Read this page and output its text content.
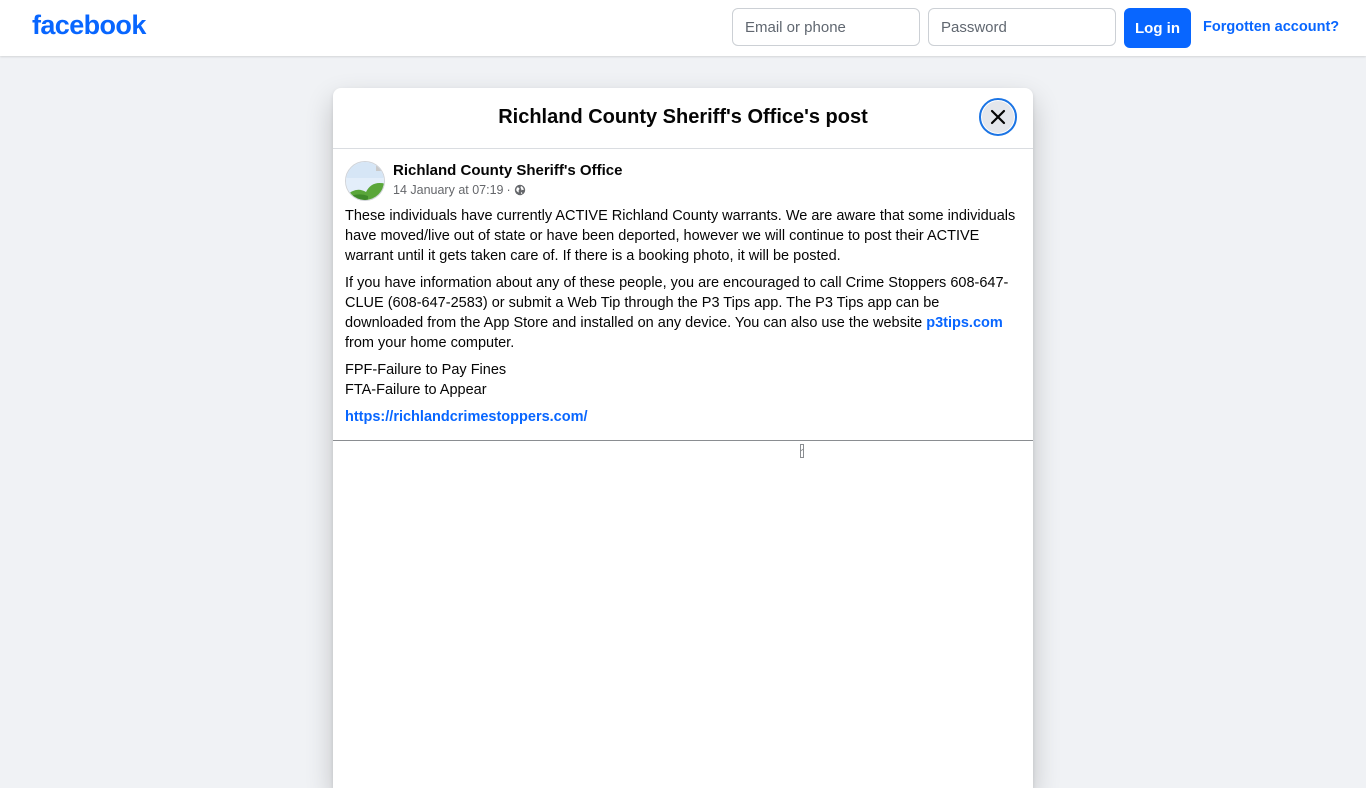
facebook
Email or phone	Log in	Forgotten account?
Richland County Sheriff's Office's post
Richland County Sheriff's Office
14 January at 07:19 ·

These individuals have currently ACTIVE Richland County warrants. We are aware that some individuals have moved/live out of state or have been deported, however we will continue to post their ACTIVE warrant until it gets taken care of. If there is a booking photo, it will be posted.

If you have information about any of these people, you are encouraged to call Crime Stoppers 608-647-CLUE (608-647-2583) or submit a Web Tip through the P3 Tips app. The P3 Tips app can be downloaded from the App Store and installed on any device. You can also use the website p3tips.com from your home computer.

FPF-Failure to Pay Fines
FTA-Failure to Appear

https://richlandcrimestoppers.com/
